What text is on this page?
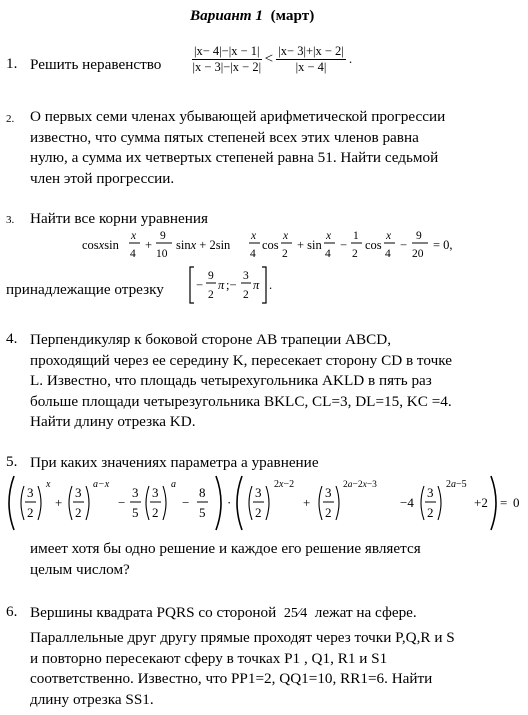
Вариант 1 (март)
1. Решить неравенство $\frac{|x- 4|-|x - 1|}{|x - 3|-|x - 2|} < \frac{|x- 3|+|x - 2|}{|x - 4|}$ .
2. О первых семи членах убывающей арифметической прогрессии
известно, что сумма пятых степеней всех этих членов равна
нулю, а сумма их четвертых степеней равна 51. Найти седьмой
член этой прогрессии.
3. Найти все корни уравнения
cosxsin
x
4
+
9
10
sinx + 2sin
x
4
cos
x
2
+ sin
x
4
−
1
2
cos
x
4
−
9
20
= 0,
принадлежащие отрезку	−
9
2
π ;−
3
2
π .
4. Перпендикуляр к боковой стороне AB трапеции ABCD,
проходящий через ее середину K, пересекает сторону CD в точке
L. Известно, что площадь четырехугольника AKLD в пять раз
больше площади четырезугольника BKLC, CL=3, DL=15, KC =4.
Найти длину отрезка KD.
5. При каких значениях параметра a уравнение
3
2
x
+
3
2
a−x
−
3
5
3
2
a
−
8
5
·
3
2
2x−2
+
3
2
2a−2x−3
−4
3
2
2a−5
+2 = 0
имеет хотя бы одно решение и каждое его решение является
целым числом?
6. Вершины квадрата PQRS со стороной 25⁄4 лежат на сфере.
Параллельные друг другу прямые проходят через точки P,Q,R и S
и повторно пересекают сферу в точках P1 , Q1, R1 и S1
соответственно. Известно, что PP1=2, QQ1=10, RR1=6. Найти
длину отрезка SS1.
